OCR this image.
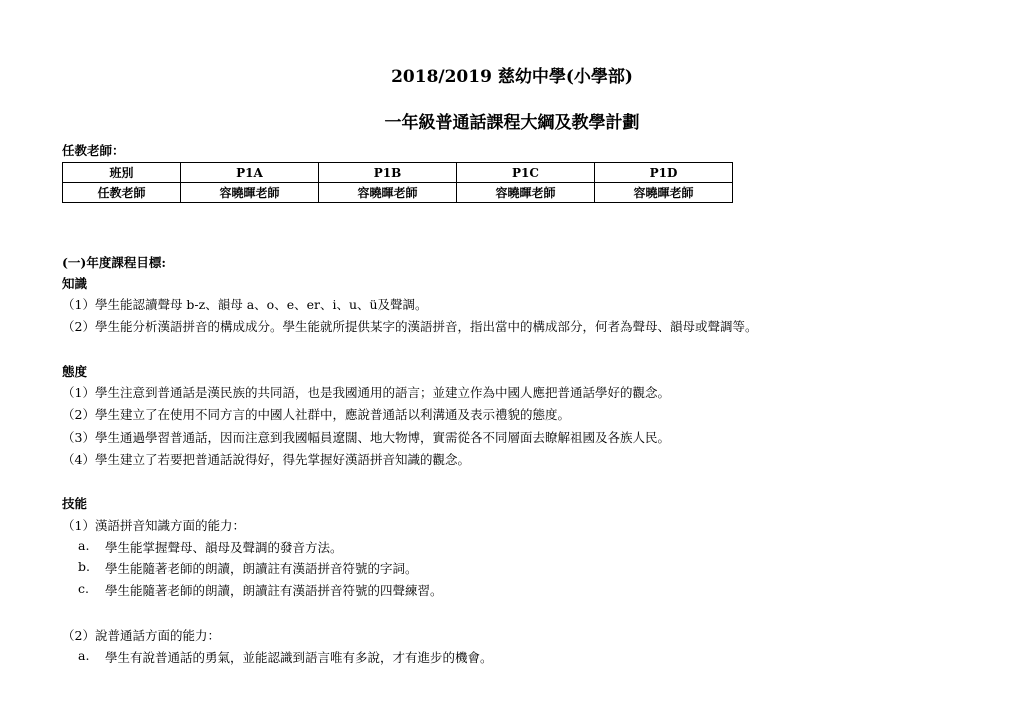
2018/2019 慈幼中學(小學部)
一年級普通話課程大綱及教學計劃
任教老師：
班別	P1A	P1B	P1C	P1D
任教老師	容曉暉老師	容曉暉老師	容曉暉老師	容曉暉老師
(一)年度課程目標:
知識
（1）學生能認讀聲母 b-z、韻母 a、o、e、er、i、u、ü及聲調。
（2）學生能分析漢語拼音的構成成分。學生能就所提供某字的漢語拼音，指出當中的構成部分，何者為聲母、韻母或聲調等。
態度
（1）學生注意到普通話是漢民族的共同語，也是我國通用的語言；並建立作為中國人應把普通話學好的觀念。
（2）學生建立了在使用不同方言的中國人社群中，應說普通話以利溝通及表示禮貌的態度。
（3）學生通過學習普通話，因而注意到我國幅員遼闊、地大物博，實需從各不同層面去瞭解祖國及各族人民。
（4）學生建立了若要把普通話說得好，得先掌握好漢語拼音知識的觀念。
技能
（1）漢語拼音知識方面的能力：
a. 學生能掌握聲母、韻母及聲調的發音方法。
b. 學生能隨著老師的朗讀，朗讀註有漢語拼音符號的字詞。
c. 學生能隨著老師的朗讀，朗讀註有漢語拼音符號的四聲練習。
（2）說普通話方面的能力：
a. 學生有說普通話的勇氣，並能認識到語言唯有多說，才有進步的機會。
